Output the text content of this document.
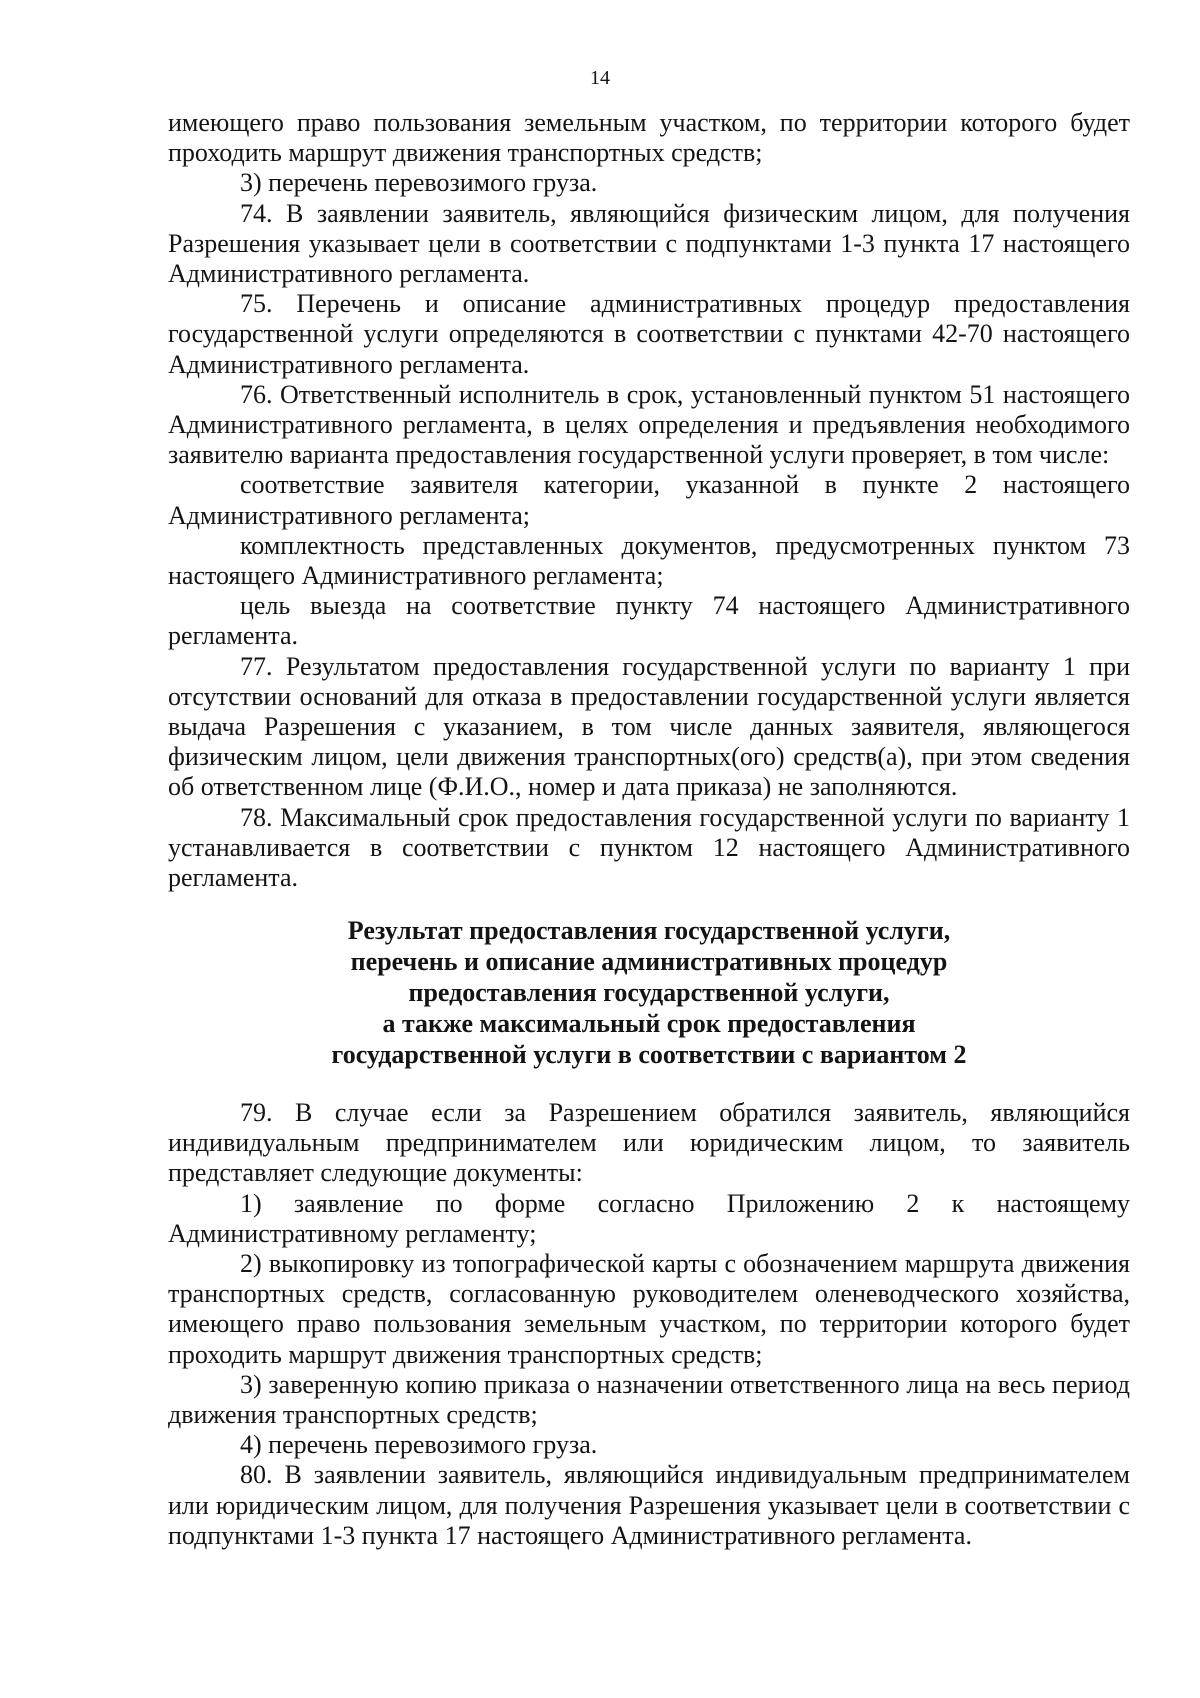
14

имеющего право пользования земельным участком, по территории которого будет проходить маршрут движения транспортных средств;

3) перечень перевозимого груза.

74. В заявлении заявитель, являющийся физическим лицом, для получения Разрешения указывает цели в соответствии с подпунктами 1-3 пункта 17 настоящего Административного регламента.

75. Перечень и описание административных процедур предоставления государственной услуги определяются в соответствии с пунктами 42-70 настоящего Административного регламента.

76. Ответственный исполнитель в срок, установленный пунктом 51 настоящего Административного регламента, в целях определения и предъявления необходимого заявителю варианта предоставления государственной услуги проверяет, в том числе:

соответствие заявителя категории, указанной в пункте 2 настоящего Административного регламента;

комплектность представленных документов, предусмотренных пунктом 73 настоящего Административного регламента;

цель выезда на соответствие пункту 74 настоящего Административного регламента.

77. Результатом предоставления государственной услуги по варианту 1 при отсутствии оснований для отказа в предоставлении государственной услуги является выдача Разрешения с указанием, в том числе данных заявителя, являющегося физическим лицом, цели движения транспортных(ого) средств(а), при этом сведения об ответственном лице (Ф.И.О., номер и дата приказа) не заполняются.

78. Максимальный срок предоставления государственной услуги по варианту 1 устанавливается в соответствии с пунктом 12 настоящего Административного регламента.

Результат предоставления государственной услуги,
перечень и описание административных процедур
предоставления государственной услуги,
а также максимальный срок предоставления
государственной услуги в соответствии с вариантом 2

79. В случае если за Разрешением обратился заявитель, являющийся индивидуальным предпринимателем или юридическим лицом, то заявитель представляет следующие документы:

1) заявление по форме согласно Приложению 2 к настоящему Административному регламенту;

2) выкопировку из топографической карты с обозначением маршрута движения транспортных средств, согласованную руководителем оленеводческого хозяйства, имеющего право пользования земельным участком, по территории которого будет проходить маршрут движения транспортных средств;

3) заверенную копию приказа о назначении ответственного лица на весь период движения транспортных средств;

4) перечень перевозимого груза.

80. В заявлении заявитель, являющийся индивидуальным предпринимателем или юридическим лицом, для получения Разрешения указывает цели в соответствии с подпунктами 1-3 пункта 17 настоящего Административного регламента.
